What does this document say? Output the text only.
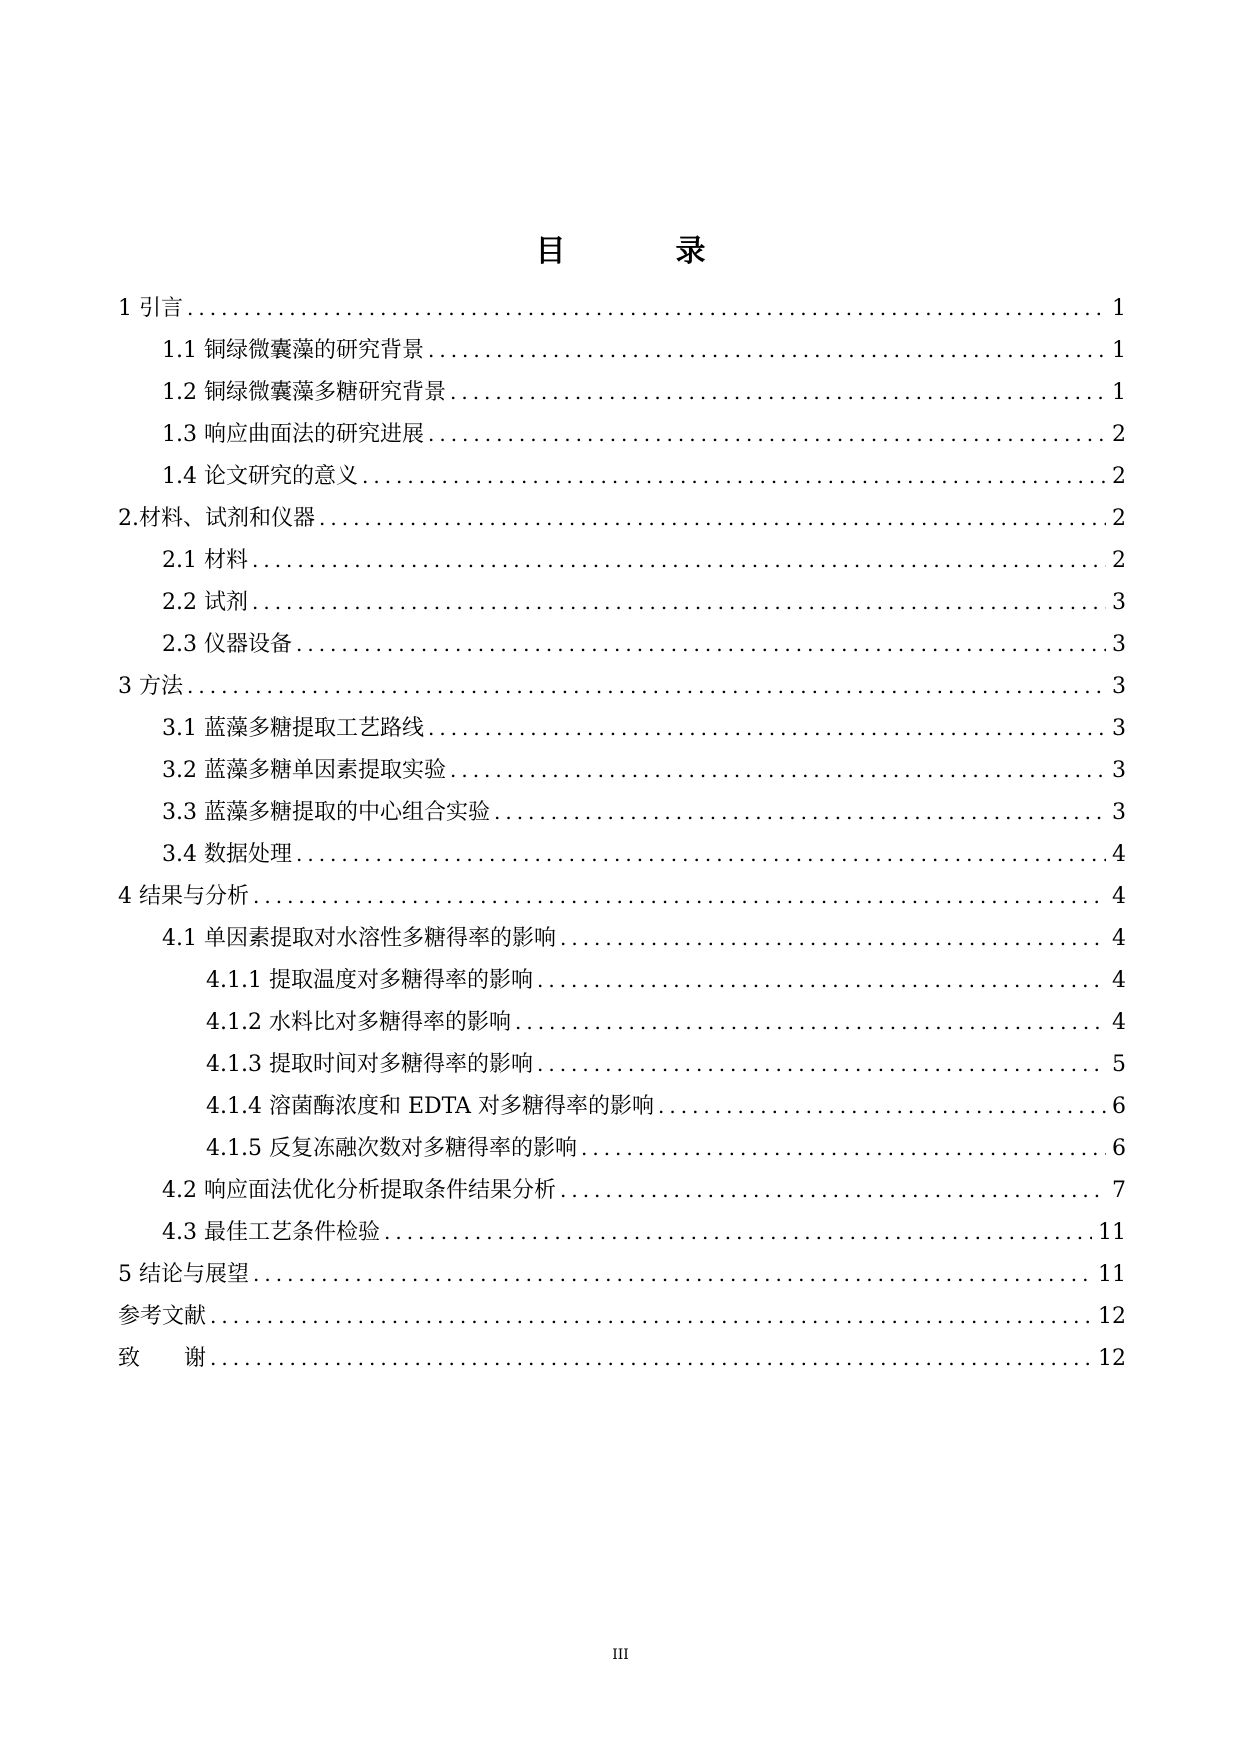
目　录
1 引言 .....	1
1.1 铜绿微囊藻的研究背景 .....	1
1.2 铜绿微囊藻多糖研究背景 .....	1
1.3 响应曲面法的研究进展 .....	2
1.4 论文研究的意义 .....	2
2.材料、试剂和仪器 .....	2
2.1 材料 .....	2
2.2 试剂 .....	3
2.3 仪器设备 .....	3
3 方法 .....	3
3.1 蓝藻多糖提取工艺路线 .....	3
3.2 蓝藻多糖单因素提取实验 .....	3
3.3 蓝藻多糖提取的中心组合实验 .....	3
3.4 数据处理 .....	4
4 结果与分析 .....	4
4.1 单因素提取对水溶性多糖得率的影响 .....	4
4.1.1 提取温度对多糖得率的影响 .....	4
4.1.2 水料比对多糖得率的影响 .....	4
4.1.3 提取时间对多糖得率的影响 .....	5
4.1.4 溶菌酶浓度和 EDTA 对多糖得率的影响 .....	6
4.1.5 反复冻融次数对多糖得率的影响 .....	6
4.2 响应面法优化分析提取条件结果分析 .....	7
4.3 最佳工艺条件检验 .....	11
5 结论与展望 .....	11
参考文献 .....	12
致　　谢 .....	12
III
